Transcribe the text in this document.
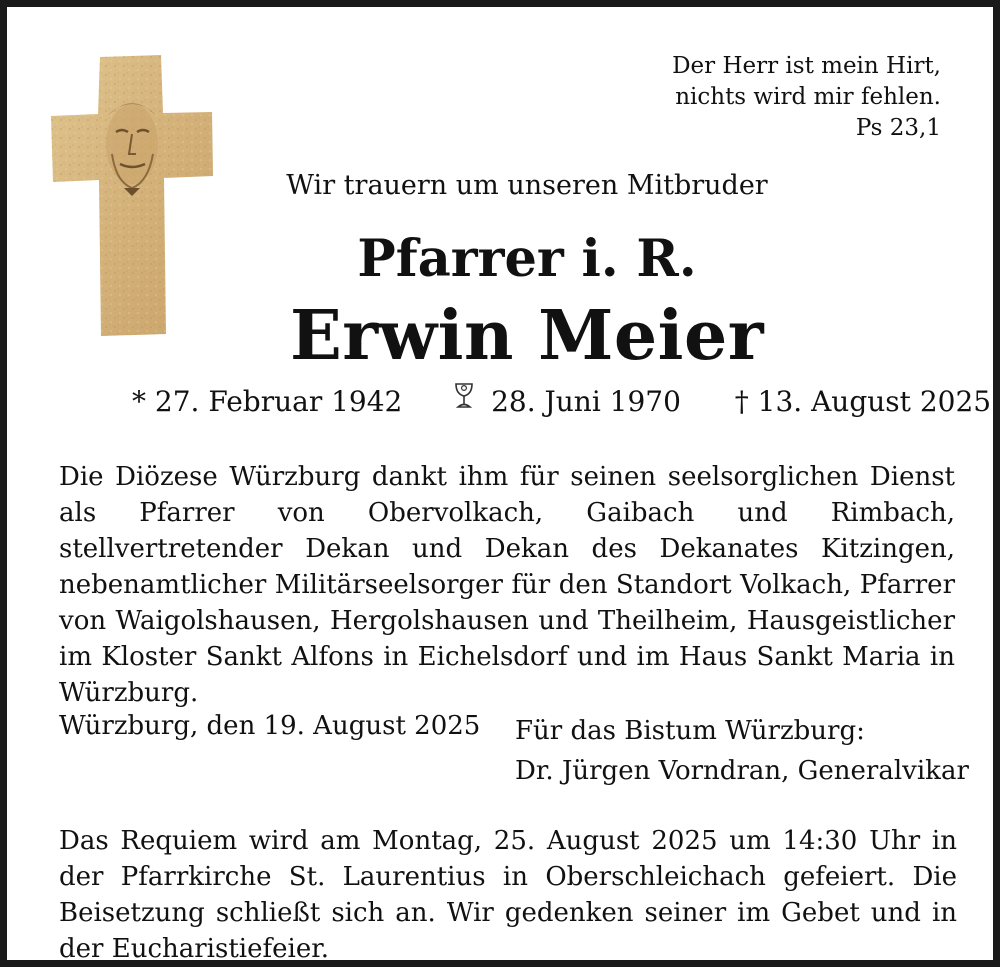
Der Herr ist mein Hirt,
nichts wird mir fehlen.
Ps 23,1
Wir trauern um unseren Mitbruder
Pfarrer i. R.
Erwin Meier
* 27. Februar 1942	28. Juni 1970 † 13. August 2025
Die Diözese Würzburg dankt ihm für seinen seelsorglichen Dienst als Pfarrer von Obervolkach, Gaibach und Rimbach, stellvertretender Dekan und Dekan des Dekanates Kitzingen, nebenamtlicher Militärseelsorger für den Standort Volkach, Pfarrer von Waigolshausen, Hergolshausen und Theilheim, Hausgeistlicher im Kloster Sankt Alfons in Eichelsdorf und im Haus Sankt Maria in Würzburg.
Würzburg, den 19. August 2025 Für das Bistum Würzburg:
Dr. Jürgen Vorndran, Generalvikar
Das Requiem wird am Montag, 25. August 2025 um 14:30 Uhr in der Pfarrkirche St. Laurentius in Oberschleichach gefeiert. Die Beisetzung schließt sich an. Wir gedenken seiner im Gebet und in der Eucharistiefeier.
